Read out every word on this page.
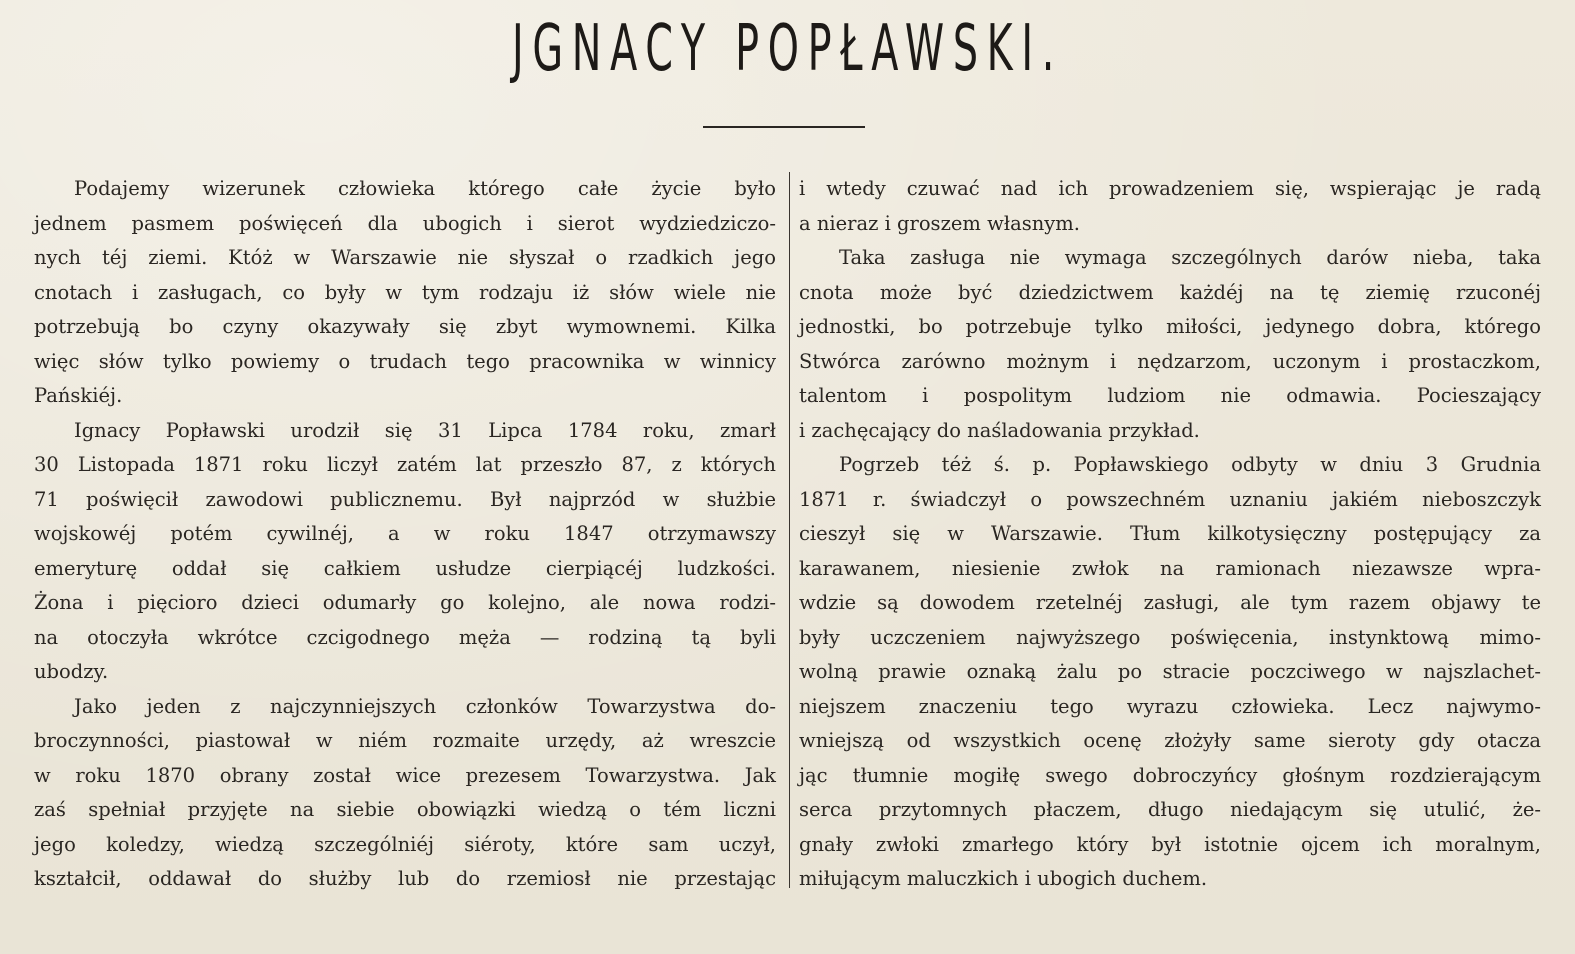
JGNACY POPŁAWSKI.
Podajemy wizerunek człowieka którego całe życie było
jednem pasmem poświęceń dla ubogich i sierot wydziedziczo-
nych téj ziemi. Któż w Warszawie nie słyszał o rzadkich jego
cnotach i zasługach, co były w tym rodzaju iż słów wiele nie
potrzebują bo czyny okazywały się zbyt wymownemi. Kilka
więc słów tylko powiemy o trudach tego pracownika w winnicy
Pańskiéj.
Ignacy Popławski urodził się 31 Lipca 1784 roku, zmarł
30 Listopada 1871 roku liczył zatém lat przeszło 87, z których
71 poświęcił zawodowi publicznemu. Był najprzód w służbie
wojskowéj potém cywilnéj, a w roku 1847 otrzymawszy
emeryturę oddał się całkiem usłudze cierpiącéj ludzkości.
Żona i pięcioro dzieci odumarły go kolejno, ale nowa rodzi-
na otoczyła wkrótce czcigodnego męża — rodziną tą byli
ubodzy.
Jako jeden z najczynniejszych członków Towarzystwa do-
broczynności, piastował w niém rozmaite urzędy, aż wreszcie
w roku 1870 obrany został wice prezesem Towarzystwa. Jak
zaś spełniał przyjęte na siebie obowiązki wiedzą o tém liczni
jego koledzy, wiedzą szczególniéj siéroty, które sam uczył,
kształcił, oddawał do służby lub do rzemiosł nie przestając
i wtedy czuwać nad ich prowadzeniem się, wspierając je radą
a nieraz i groszem własnym.
Taka zasługa nie wymaga szczególnych darów nieba, taka
cnota może być dziedzictwem każdéj na tę ziemię rzuconéj
jednostki, bo potrzebuje tylko miłości, jedynego dobra, którego
Stwórca zarówno możnym i nędzarzom, uczonym i prostaczkom,
talentom i pospolitym ludziom nie odmawia. Pocieszający
i zachęcający do naśladowania przykład.
Pogrzeb téż ś. p. Popławskiego odbyty w dniu 3 Grudnia
1871 r. świadczył o powszechném uznaniu jakiém nieboszczyk
cieszył się w Warszawie. Tłum kilkotysięczny postępujący za
karawanem, niesienie zwłok na ramionach niezawsze wpra-
wdzie są dowodem rzetelnéj zasługi, ale tym razem objawy te
były uczczeniem najwyższego poświęcenia, instynktową mimo-
wolną prawie oznaką żalu po stracie poczciwego w najszlachet-
niejszem znaczeniu tego wyrazu człowieka. Lecz najwymo-
wniejszą od wszystkich ocenę złożyły same sieroty gdy otacza
jąc tłumnie mogiłę swego dobroczyńcy głośnym rozdzierającym
serca przytomnych płaczem, długo niedającym się utulić, że-
gnały zwłoki zmarłego który był istotnie ojcem ich moralnym,
miłującym maluczkich i ubogich duchem.
